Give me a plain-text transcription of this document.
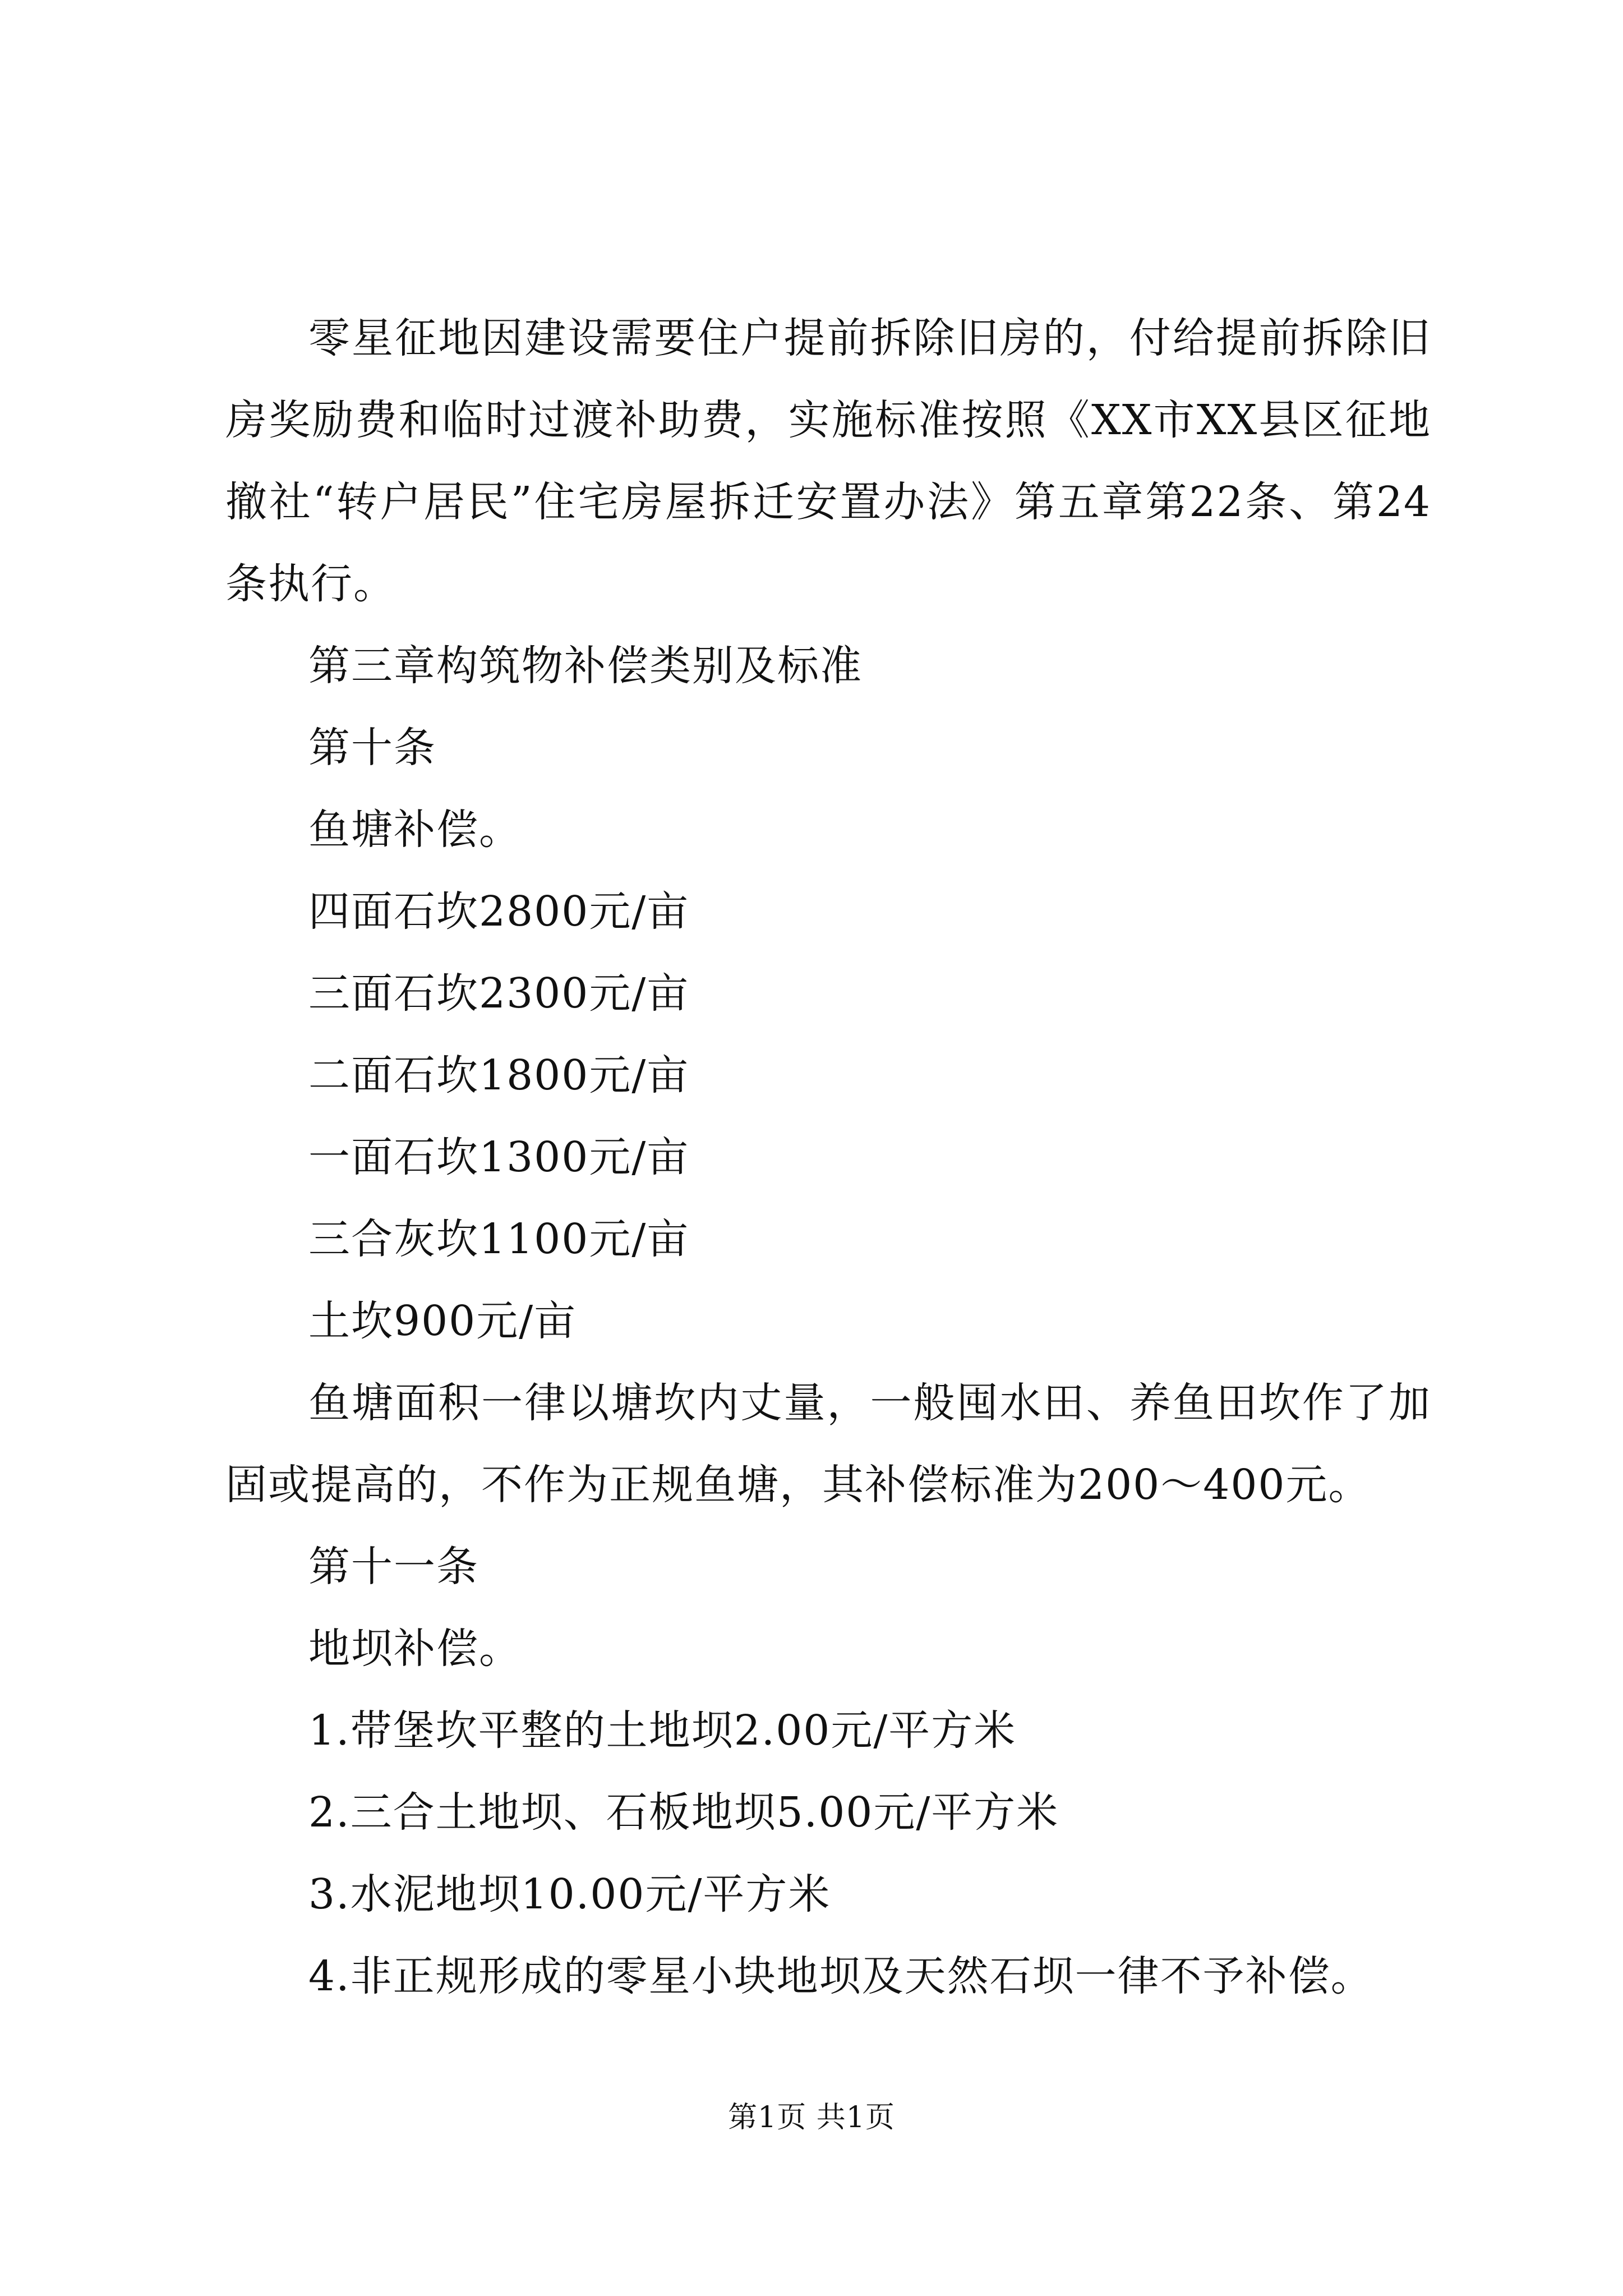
零星征地因建设需要住户提前拆除旧房的，付给提前拆除旧房奖励费和临时过渡补助费，实施标准按照《XX市XX县区征地撤社“转户居民”住宅房屋拆迁安置办法》第五章第22条、第24条执行。

第三章构筑物补偿类别及标准

第十条

鱼塘补偿。

四面石坎2800元/亩

三面石坎2300元/亩

二面石坎1800元/亩

一面石坎1300元/亩

三合灰坎1100元/亩

土坎900元/亩

鱼塘面积一律以塘坎内丈量，一般囤水田、养鱼田坎作了加固或提高的，不作为正规鱼塘，其补偿标准为200～400元。

第十一条

地坝补偿。

1.带堡坎平整的土地坝2.00元/平方米

2.三合土地坝、石板地坝5.00元/平方米

3.水泥地坝10.00元/平方米

4.非正规形成的零星小块地坝及天然石坝一律不予补偿。

第1页 共1页
